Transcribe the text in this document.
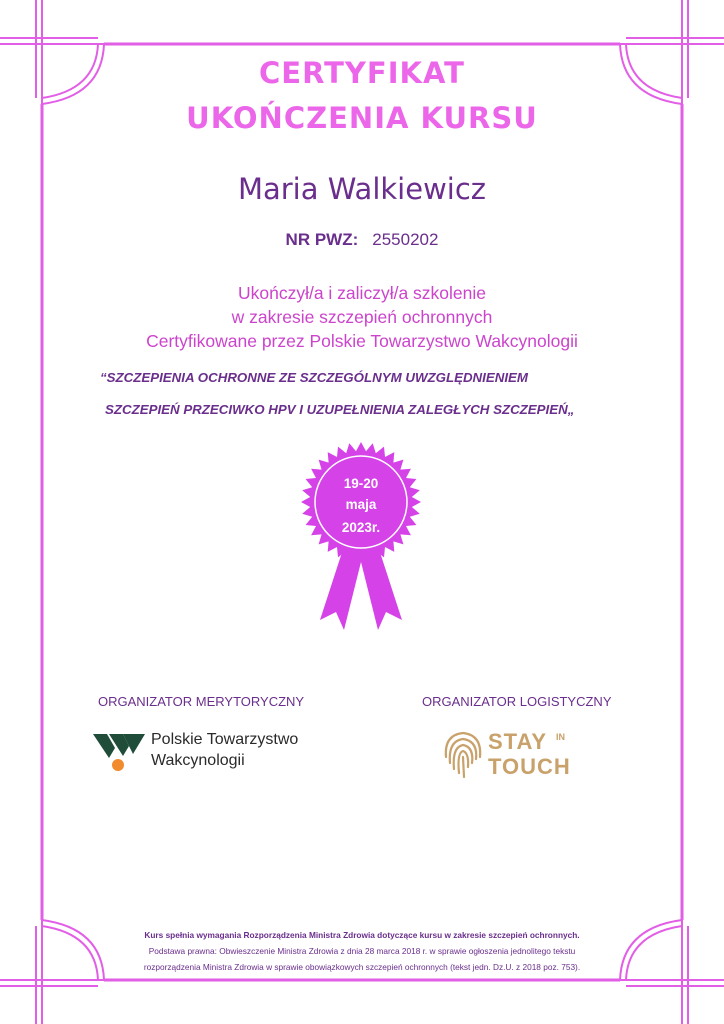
CERTYFIKAT
UKOŃCZENIA KURSU
Maria Walkiewicz
NR PWZ: 2550202
Ukończył/a i zaliczył/a szkolenie
w zakresie szczepień ochronnych
Certyfikowane przez Polskie Towarzystwo Wakcynologii
“SZCZEPIENIA OCHRONNE ZE SZCZEGÓLNYM UWZGLĘDNIENIEM
SZCZEPIEŃ PRZECIWKO HPV I UZUPEŁNIENIA ZALEGŁYCH SZCZEPIEŃ„
19-20
maja
2023r.
ORGANIZATOR MERYTORYCZNY	ORGANIZATOR LOGISTYCZNY
Polskie Towarzystwo
Wakcynologii
STAY IN
TOUCH
Kurs spełnia wymagania Rozporządzenia Ministra Zdrowia dotyczące kursu w zakresie szczepień ochronnych.
Podstawa prawna: Obwieszczenie Ministra Zdrowia z dnia 28 marca 2018 r. w sprawie ogłoszenia jednolitego tekstu
rozporządzenia Ministra Zdrowia w sprawie obowiązkowych szczepień ochronnych (tekst jedn. Dz.U. z 2018 poz. 753).
